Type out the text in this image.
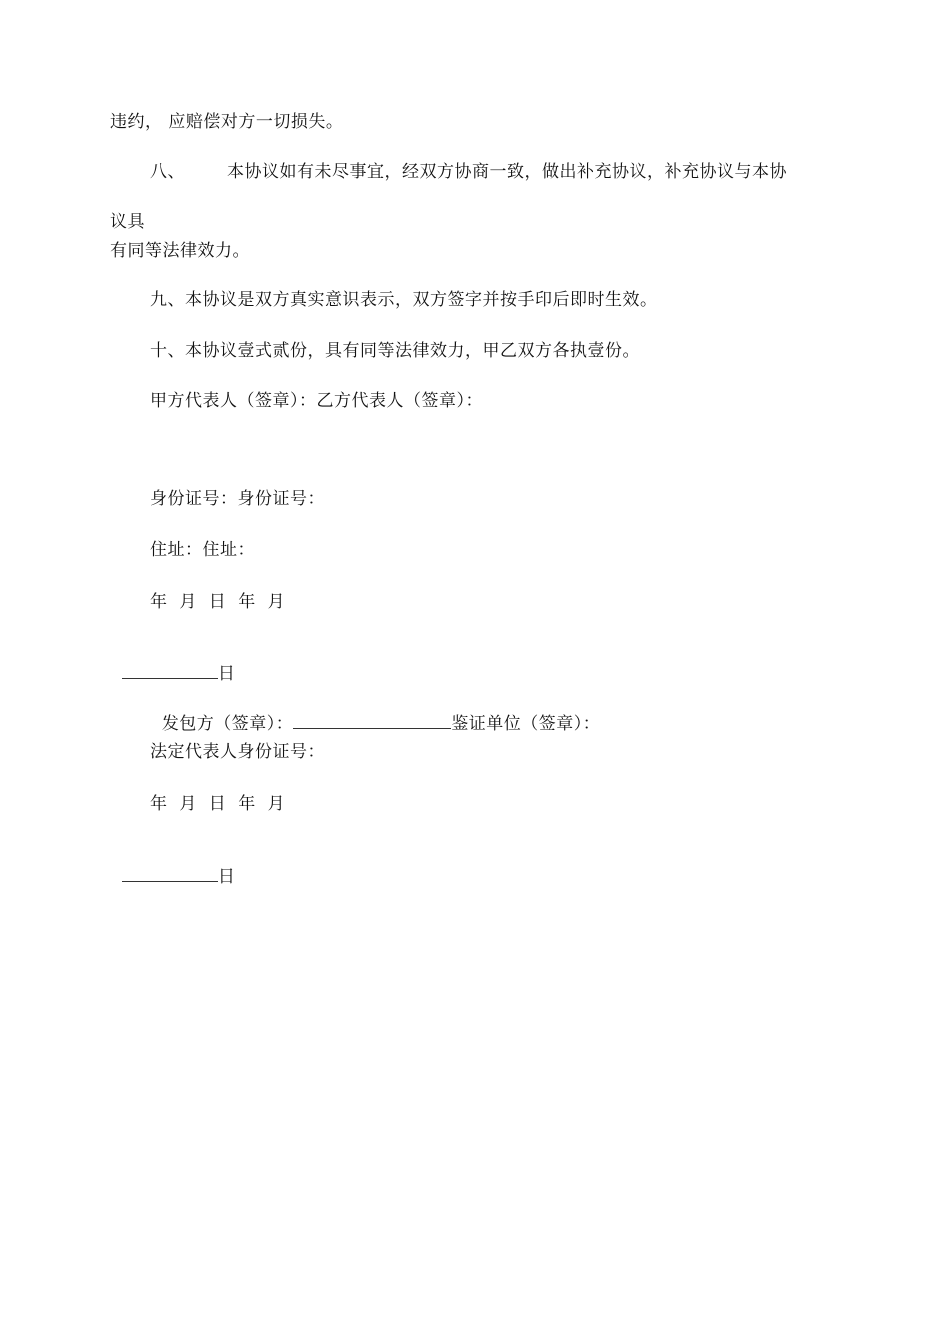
违约， 应赔偿对方一切损失。
八、 本协议如有未尽事宜，经双方协商一致，做出补充协议，补充协议与本协
议具
有同等法律效力。
九、本协议是双方真实意识表示，双方签字并按手印后即时生效。
十、本协议壹式贰份，具有同等法律效力，甲乙双方各执壹份。
甲方代表人（签章）：乙方代表人（签章）：
身份证号：身份证号：
住址：住址：
年 月 日 年 月

日

发包方（签章）：	鉴证单位（签章）：

法定代表人身份证号：
年 月 日 年 月

日
